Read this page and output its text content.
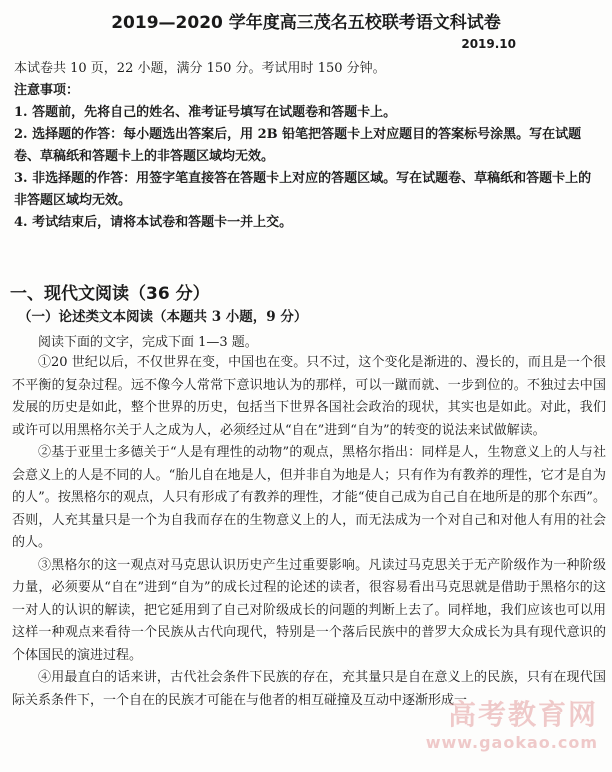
2019—2020 学年度高三茂名五校联考语文科试卷
2019.10

本试卷共 10 页，22 小题，满分 150 分。考试用时 150 分钟。

注意事项：

1. 答题前，先将自己的姓名、准考证号填写在试题卷和答题卡上。

2. 选择题的作答：每小题选出答案后，用 2B 铅笔把答题卡上对应题目的答案标号涂黑。写在试题卷、草稿纸和答题卡上的非答题区域均无效。

3. 非选择题的作答：用签字笔直接答在答题卡上对应的答题区域。写在试题卷、草稿纸和答题卡上的非答题区域均无效。

4. 考试结束后，请将本试卷和答题卡一并上交。

一、现代文阅读（36 分）
（一）论述类文本阅读（本题共 3 小题，9 分）
阅读下面的文字，完成下面 1—3 题。

①20 世纪以后，不仅世界在变，中国也在变。只不过，这个变化是渐进的、漫长的，而且是一个很不平衡的复杂过程。远不像今人常常下意识地认为的那样，可以一蹴而就、一步到位的。不独过去中国发展的历史是如此，整个世界的历史，包括当下世界各国社会政治的现状，其实也是如此。对此，我们或许可以用黑格尔关于人之成为人，必须经过从“自在”进到“自为”的转变的说法来试做解读。

②基于亚里士多德关于“人是有理性的动物”的观点，黑格尔指出：同样是人，生物意义上的人与社会意义上的人是不同的人。“胎儿自在地是人，但并非自为地是人；只有作为有教养的理性，它才是自为的人”。按黑格尔的观点，人只有形成了有教养的理性，才能“使自己成为自己自在地所是的那个东西”。否则，人充其量只是一个为自我而存在的生物意义上的人，而无法成为一个对自己和对他人有用的社会的人。

③黑格尔的这一观点对马克思认识历史产生过重要影响。凡读过马克思关于无产阶级作为一种阶级力量，必须要从“自在”进到“自为”的成长过程的论述的读者，很容易看出马克思就是借助于黑格尔的这一对人的认识的解读，把它延用到了自己对阶级成长的问题的判断上去了。同样地，我们应该也可以用这样一种观点来看待一个民族从古代向现代，特别是一个落后民族中的普罗大众成长为具有现代意识的个体国民的演进过程。

④用最直白的话来讲，古代社会条件下民族的存在，充其量只是自在意义上的民族，只有在现代国际关系条件下，一个自在的民族才可能在与他者的相互碰撞及互动中逐渐形成一

高考教育网
www.gaokao.com
